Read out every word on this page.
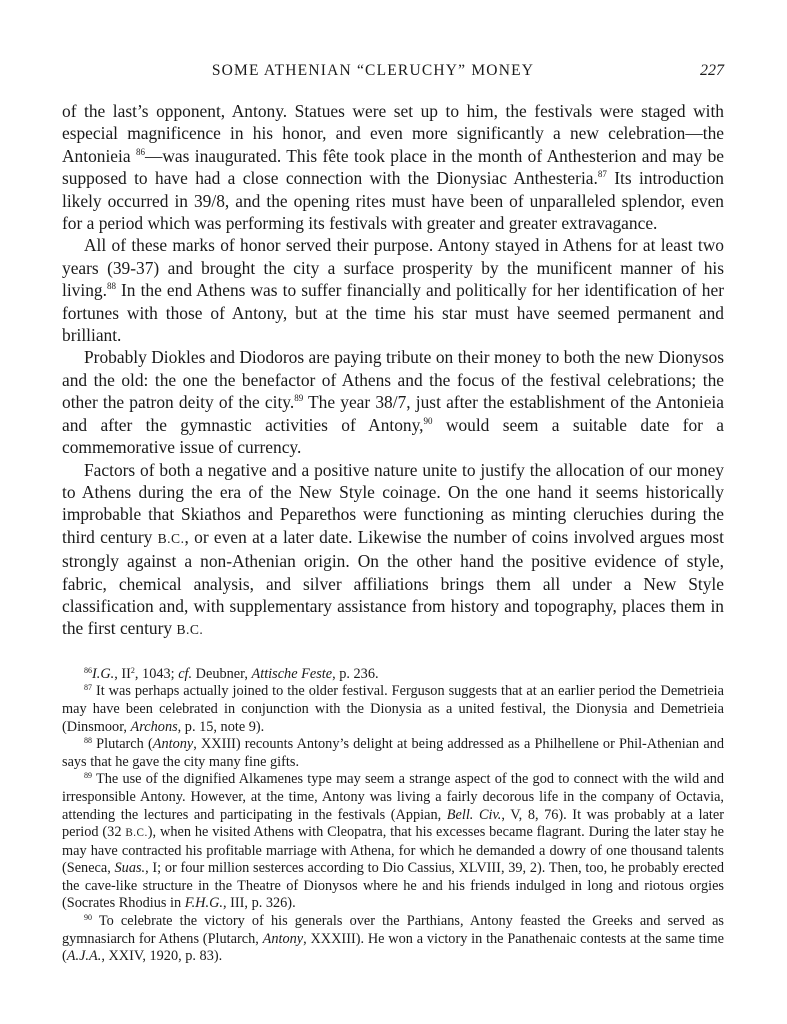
SOME ATHENIAN “CLERUCHY” MONEY	227

of the last’s opponent, Antony. Statues were set up to him, the festivals were staged with especial magnificence in his honor, and even more significantly a new celebration—the Antonieia $^{86}$—was inaugurated. This fête took place in the month of Anthesterion and may be supposed to have had a close connection with the Dionysiac Anthesteria.$^{87}$ Its introduction likely occurred in 39/8, and the opening rites must have been of unparalleled splendor, even for a period which was performing its festivals with greater and greater extravagance.

All of these marks of honor served their purpose. Antony stayed in Athens for at least two years (39-37) and brought the city a surface prosperity by the munificent manner of his living.$^{88}$ In the end Athens was to suffer financially and politically for her identification of her fortunes with those of Antony, but at the time his star must have seemed permanent and brilliant.

Probably Diokles and Diodoros are paying tribute on their money to both the new Dionysos and the old: the one the benefactor of Athens and the focus of the festival celebrations; the other the patron deity of the city.$^{89}$ The year 38/7, just after the establishment of the Antonieia and after the gymnastic activities of Antony,$^{90}$ would seem a suitable date for a commemorative issue of currency.

Factors of both a negative and a positive nature unite to justify the allocation of our money to Athens during the era of the New Style coinage. On the one hand it seems historically improbable that Skiathos and Peparethos were functioning as minting cleruchies during the third century B.C., or even at a later date. Likewise the number of coins involved argues most strongly against a non-Athenian origin. On the other hand the positive evidence of style, fabric, chemical analysis, and silver affiliations brings them all under a New Style classification and, with supplementary assistance from history and topography, places them in the first century B.C.

$^{86}$I.G., $II^2$, 1043; cf. Deubner, Attische Feste, p. 236.

$^{87}$ It was perhaps actually joined to the older festival. Ferguson suggests that at an earlier period the Demetrieia may have been celebrated in conjunction with the Dionysia as a united festival, the Dionysia and Demetrieia (Dinsmoor, Archons, p. 15, note 9).

$^{88}$ Plutarch (Antony, XXIII) recounts Antony’s delight at being addressed as a Philhellene or Phil-Athenian and says that he gave the city many fine gifts.

$^{89}$ The use of the dignified Alkamenes type may seem a strange aspect of the god to connect with the wild and irresponsible Antony. However, at the time, Antony was living a fairly decorous life in the company of Octavia, attending the lectures and participating in the festivals (Appian, Bell. Civ., V, 8, 76). It was probably at a later period (32 B.C.), when he visited Athens with Cleopatra, that his excesses became flagrant. During the later stay he may have contracted his profitable marriage with Athena, for which he demanded a dowry of one thousand talents (Seneca, Suas., I; or four million sesterces according to Dio Cassius, XLVIII, 39, 2). Then, too, he probably erected the cave-like structure in the Theatre of Dionysos where he and his friends indulged in long and riotous orgies (Socrates Rhodius in F.H.G., III, p. 326).

$^{90}$ To celebrate the victory of his generals over the Parthians, Antony feasted the Greeks and served as gymnasiarch for Athens (Plutarch, Antony, XXXIII). He won a victory in the Panathenaic contests at the same time (A.J.A., XXIV, 1920, p. 83).
